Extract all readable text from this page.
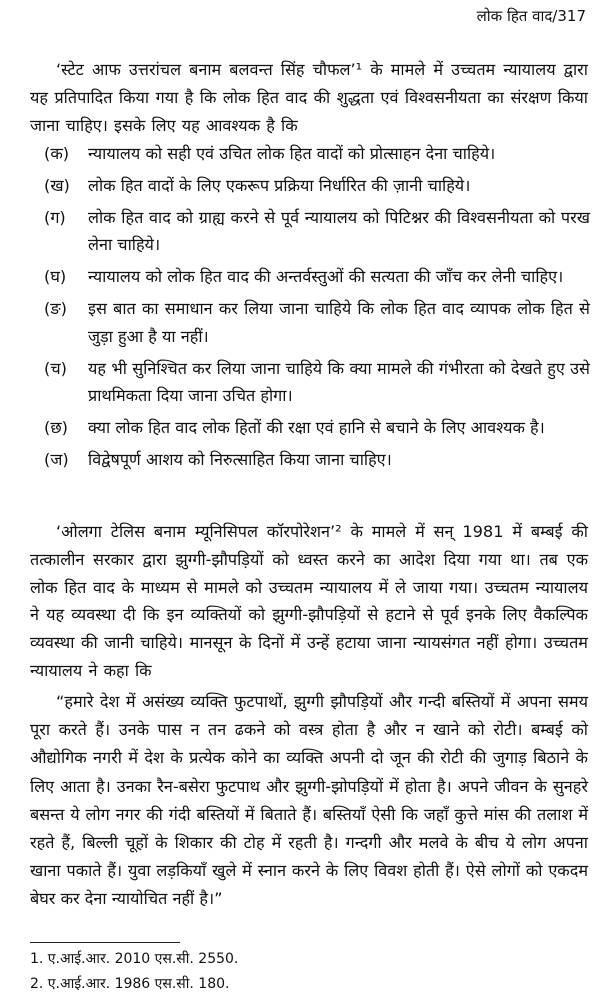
लोक हित वाद/317

‘स्टेट आफ उत्तरांचल बनाम बलवन्त सिंह चौफल’¹ के मामले में उच्चतम न्यायालय द्वारा यह प्रतिपादित किया गया है कि लोक हित वाद की शुद्धता एवं विश्वसनीयता का संरक्षण किया जाना चाहिए। इसके लिए यह आवश्यक है कि

(क) न्यायालय को सही एवं उचित लोक हित वादों को प्रोत्साहन देना चाहिये।
(ख) लोक हित वादों के लिए एकरूप प्रक्रिया निर्धारित की ज़ानी चाहिये।
(ग) लोक हित वाद को ग्राह्य करने से पूर्व न्यायालय को पिटिश्नर की विश्वसनीयता को परख लेना चाहिये।
(घ) न्यायालय को लोक हित वाद की अन्तर्वस्तुओं की सत्यता की जाँच कर लेनी चाहिए।
(ङ) इस बात का समाधान कर लिया जाना चाहिये कि लोक हित वाद व्यापक लोक हित से जुड़ा हुआ है या नहीं।
(च) यह भी सुनिश्चित कर लिया जाना चाहिये कि क्या मामले की गंभीरता को देखते हुए उसे प्राथमिकता दिया जाना उचित होगा।
(छ) क्या लोक हित वाद लोक हितों की रक्षा एवं हानि से बचाने के लिए आवश्यक है।
(ज) विद्वेषपूर्ण आशय को निरुत्साहित किया जाना चाहिए।

‘ओलगा टेलिस बनाम म्यूनिसिपल कॉरपोरेशन’² के मामले में सन् 1981 में बम्बई की तत्कालीन सरकार द्वारा झुग्गी-झौपड़ियों को ध्वस्त करने का आदेश दिया गया था। तब एक लोक हित वाद के माध्यम से मामले को उच्चतम न्यायालय में ले जाया गया। उच्चतम न्यायालय ने यह व्यवस्था दी कि इन व्यक्तियों को झुग्गी-झौपड़ियों से हटाने से पूर्व इनके लिए वैकल्पिक व्यवस्था की जानी चाहिये। मानसून के दिनों में उन्हें हटाया जाना न्यायसंगत नहीं होगा। उच्चतम न्यायालय ने कहा कि

“हमारे देश में असंख्य व्यक्ति फुटपाथों, झुग्गी झौपड़ियों और गन्दी बस्तियों में अपना समय पूरा करते हैं। उनके पास न तन ढकने को वस्त्र होता है और न खाने को रोटी। बम्बई को औद्योगिक नगरी में देश के प्रत्येक कोने का व्यक्ति अपनी दो जून की रोटी की जुगाड़ बिठाने के लिए आता है। उनका रैन-बसेरा फुटपाथ और झुग्गी-झोपड़ियों में होता है। अपने जीवन के सुनहरे बसन्त ये लोग नगर की गंदी बस्तियों में बिताते हैं। बस्तियाँ ऐसी कि जहाँ कुत्ते मांस की तलाश में रहते हैं, बिल्ली चूहों के शिकार की टोह में रहती है। गन्दगी और मलवे के बीच ये लोग अपना खाना पकाते हैं। युवा लड़कियाँ खुले में स्नान करने के लिए विवश होती हैं। ऐसे लोगों को एकदम बेघर कर देना न्यायोचित नहीं है।”

1. ए.आई.आर. 2010 एस.सी. 2550.
2. ए.आई.आर. 1986 एस.सी. 180.
